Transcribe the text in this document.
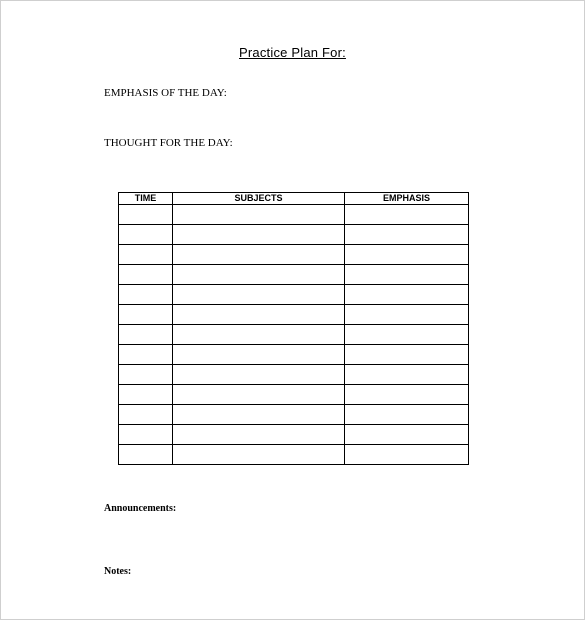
Practice Plan For:
EMPHASIS OF THE DAY:
THOUGHT FOR THE DAY:
TIME	SUBJECTS	EMPHASIS

Announcements:
Notes:
